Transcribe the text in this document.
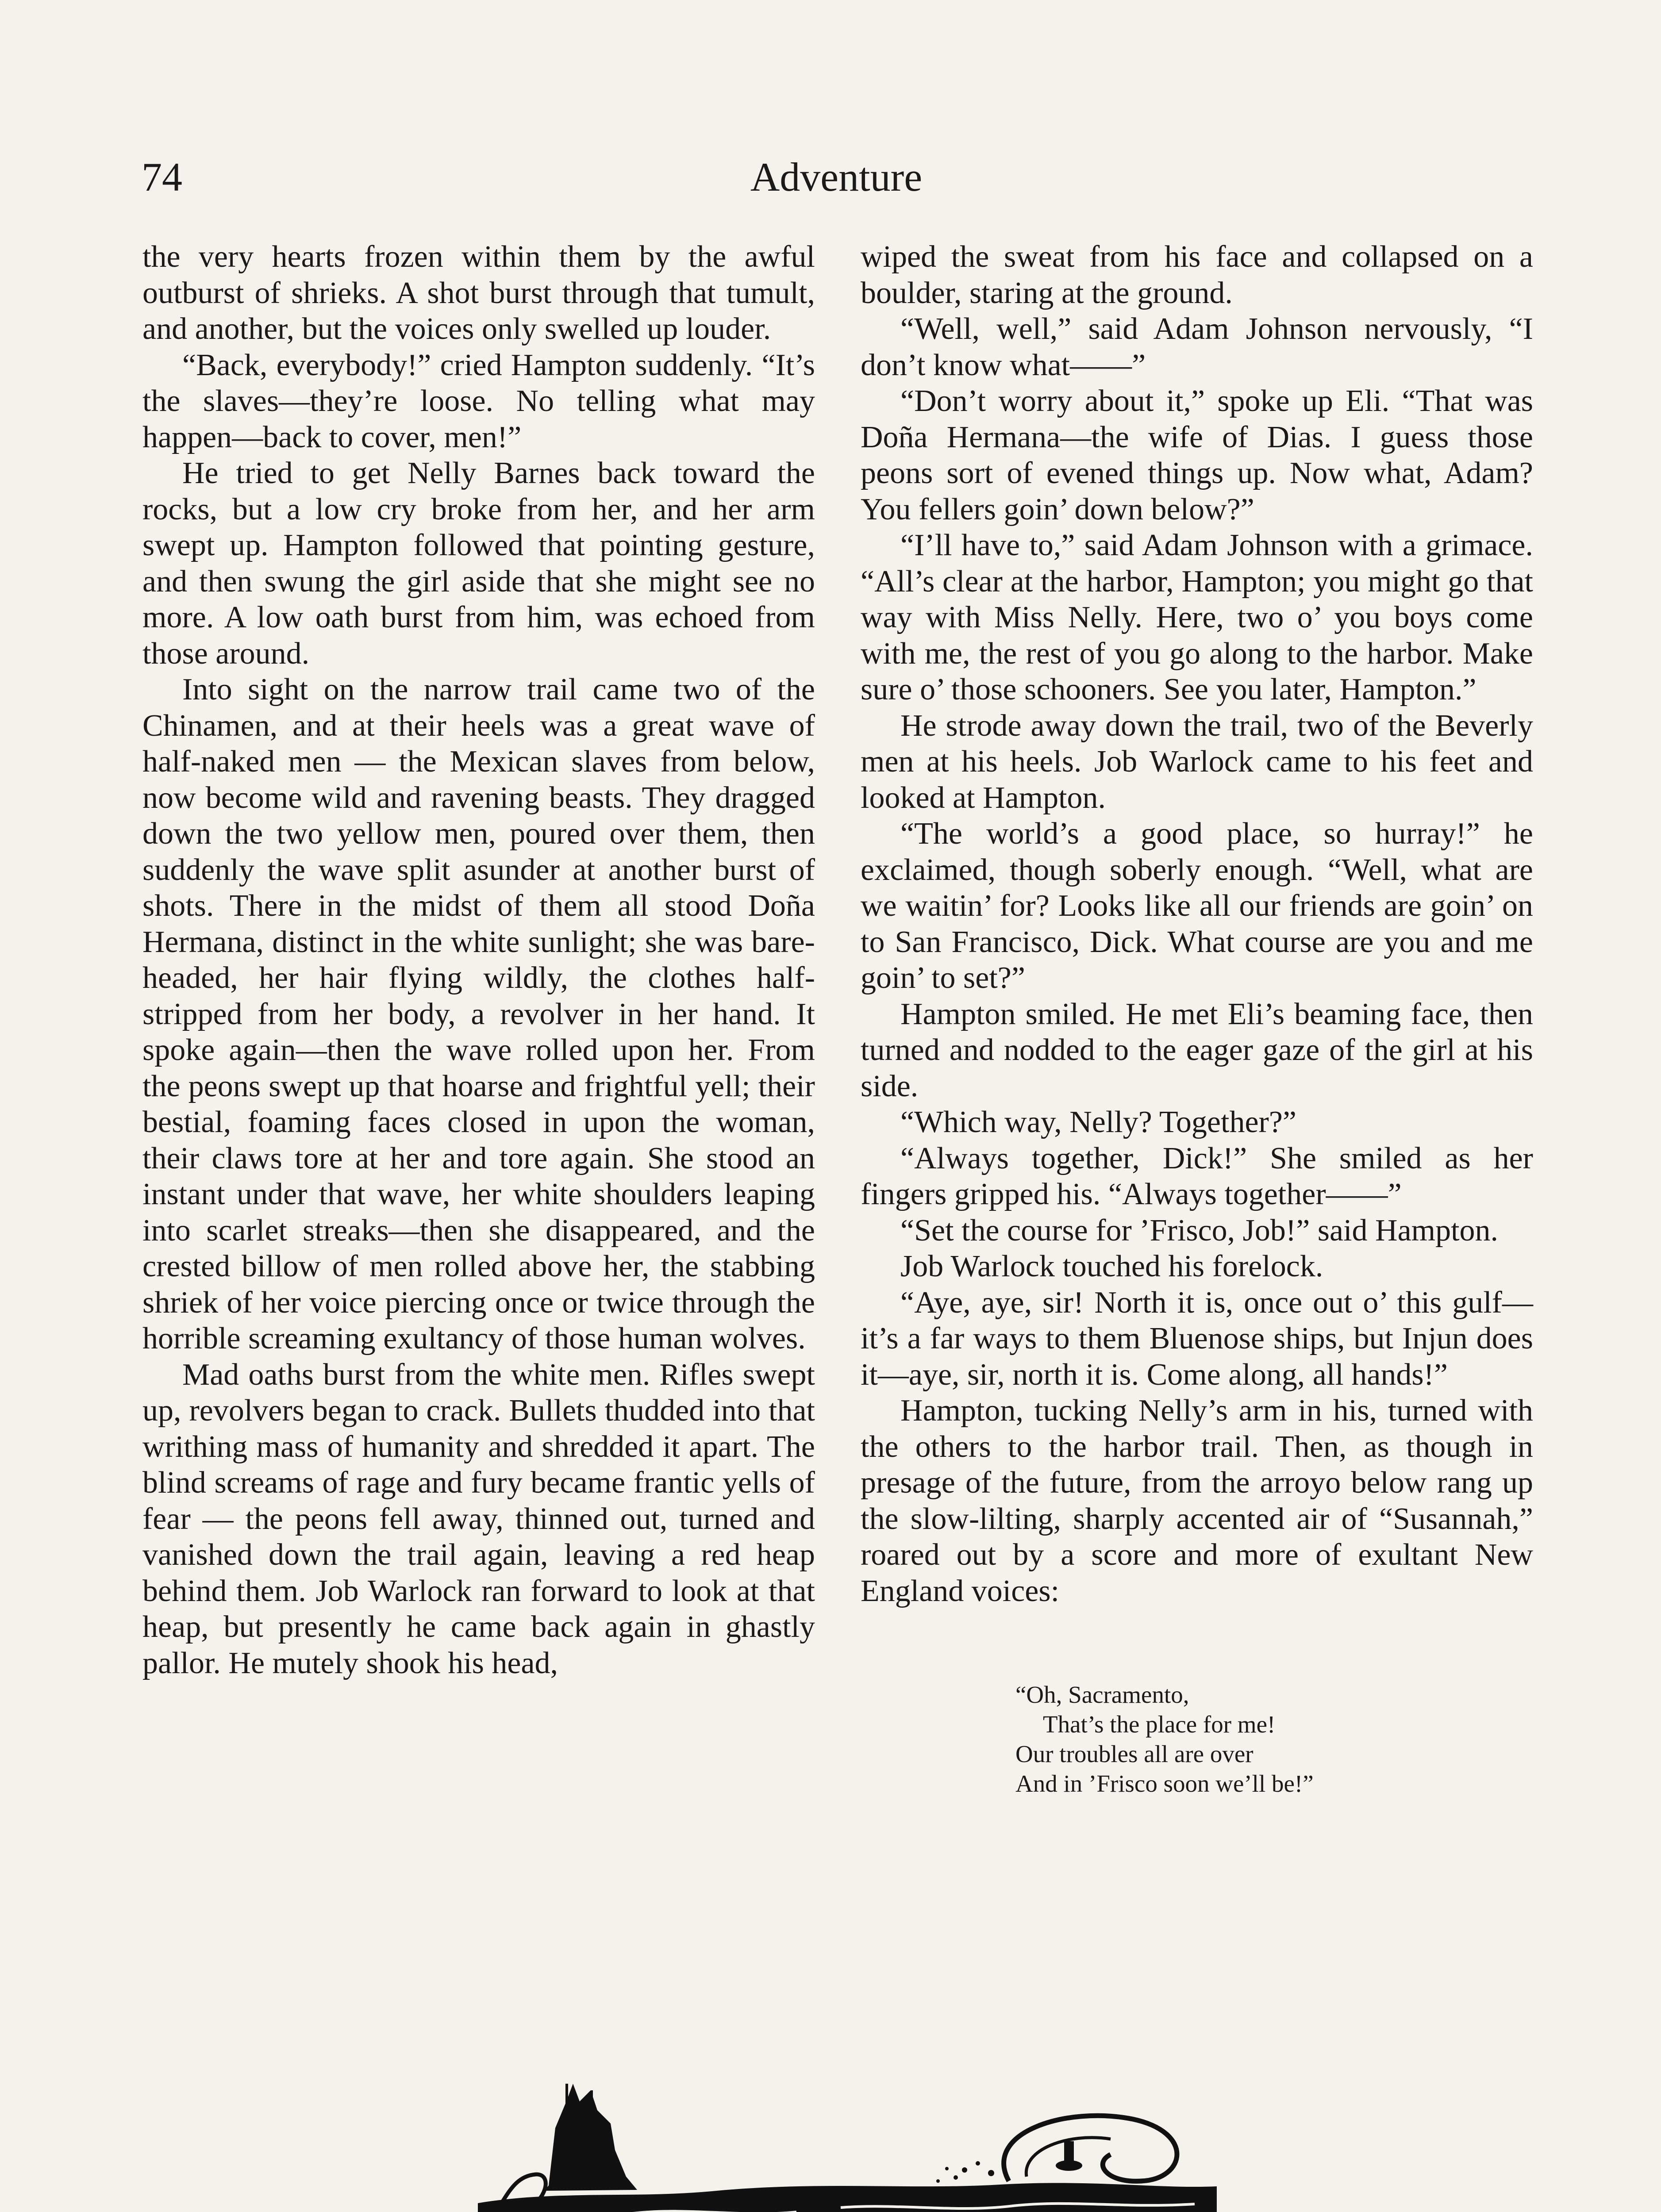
74	Adventure

the very hearts frozen within them by the awful outburst of shrieks. A shot burst through that tumult, and another, but the voices only swelled up louder.

“Back, everybody!” cried Hampton suddenly. “It’s the slaves—they’re loose. No telling what may happen—back to cover, men!”

He tried to get Nelly Barnes back toward the rocks, but a low cry broke from her, and her arm swept up. Hampton followed that pointing gesture, and then swung the girl aside that she might see no more. A low oath burst from him, was echoed from those around.

Into sight on the narrow trail came two of the Chinamen, and at their heels was a great wave of half-naked men — the Mexican slaves from below, now become wild and ravening beasts. They dragged down the two yellow men, poured over them, then suddenly the wave split asunder at another burst of shots. There in the midst of them all stood Doña Hermana, distinct in the white sunlight; she was bare-headed, her hair flying wildly, the clothes half-stripped from her body, a revolver in her hand. It spoke again—then the wave rolled upon her. From the peons swept up that hoarse and frightful yell; their bestial, foaming faces closed in upon the woman, their claws tore at her and tore again. She stood an instant under that wave, her white shoulders leaping into scarlet streaks—then she disappeared, and the crested billow of men rolled above her, the stabbing shriek of her voice piercing once or twice through the horrible screaming exultancy of those human wolves.

Mad oaths burst from the white men. Rifles swept up, revolvers began to crack. Bullets thudded into that writhing mass of humanity and shredded it apart. The blind screams of rage and fury became frantic yells of fear — the peons fell away, thinned out, turned and vanished down the trail again, leaving a red heap behind them. Job Warlock ran forward to look at that heap, but presently he came back again in ghastly pallor. He mutely shook his head,

wiped the sweat from his face and collapsed on a boulder, staring at the ground.

“Well, well,” said Adam Johnson nervously, “I don’t know what——”

“Don’t worry about it,” spoke up Eli. “That was Doña Hermana—the wife of Dias. I guess those peons sort of evened things up. Now what, Adam? You fellers goin’ down below?”

“I’ll have to,” said Adam Johnson with a grimace. “All’s clear at the harbor, Hampton; you might go that way with Miss Nelly. Here, two o’ you boys come with me, the rest of you go along to the harbor. Make sure o’ those schooners. See you later, Hampton.”

He strode away down the trail, two of the Beverly men at his heels. Job Warlock came to his feet and looked at Hampton.

“The world’s a good place, so hurray!” he exclaimed, though soberly enough. “Well, what are we waitin’ for? Looks like all our friends are goin’ on to San Francisco, Dick. What course are you and me goin’ to set?”

Hampton smiled. He met Eli’s beaming face, then turned and nodded to the eager gaze of the girl at his side.

“Which way, Nelly? Together?”

“Always together, Dick!” She smiled as her fingers gripped his. “Always together——”

“Set the course for ’Frisco, Job!” said Hampton.

Job Warlock touched his forelock.

“Aye, aye, sir! North it is, once out o’ this gulf—it’s a far ways to them Bluenose ships, but Injun does it—aye, sir, north it is. Come along, all hands!”

Hampton, tucking Nelly’s arm in his, turned with the others to the harbor trail. Then, as though in presage of the future, from the arroyo below rang up the slow-lilting, sharply accented air of “Susannah,” roared out by a score and more of exultant New England voices:

“Oh, Sacramento,
That’s the place for me!
Our troubles all are over
And in ’Frisco soon we’ll be!”
